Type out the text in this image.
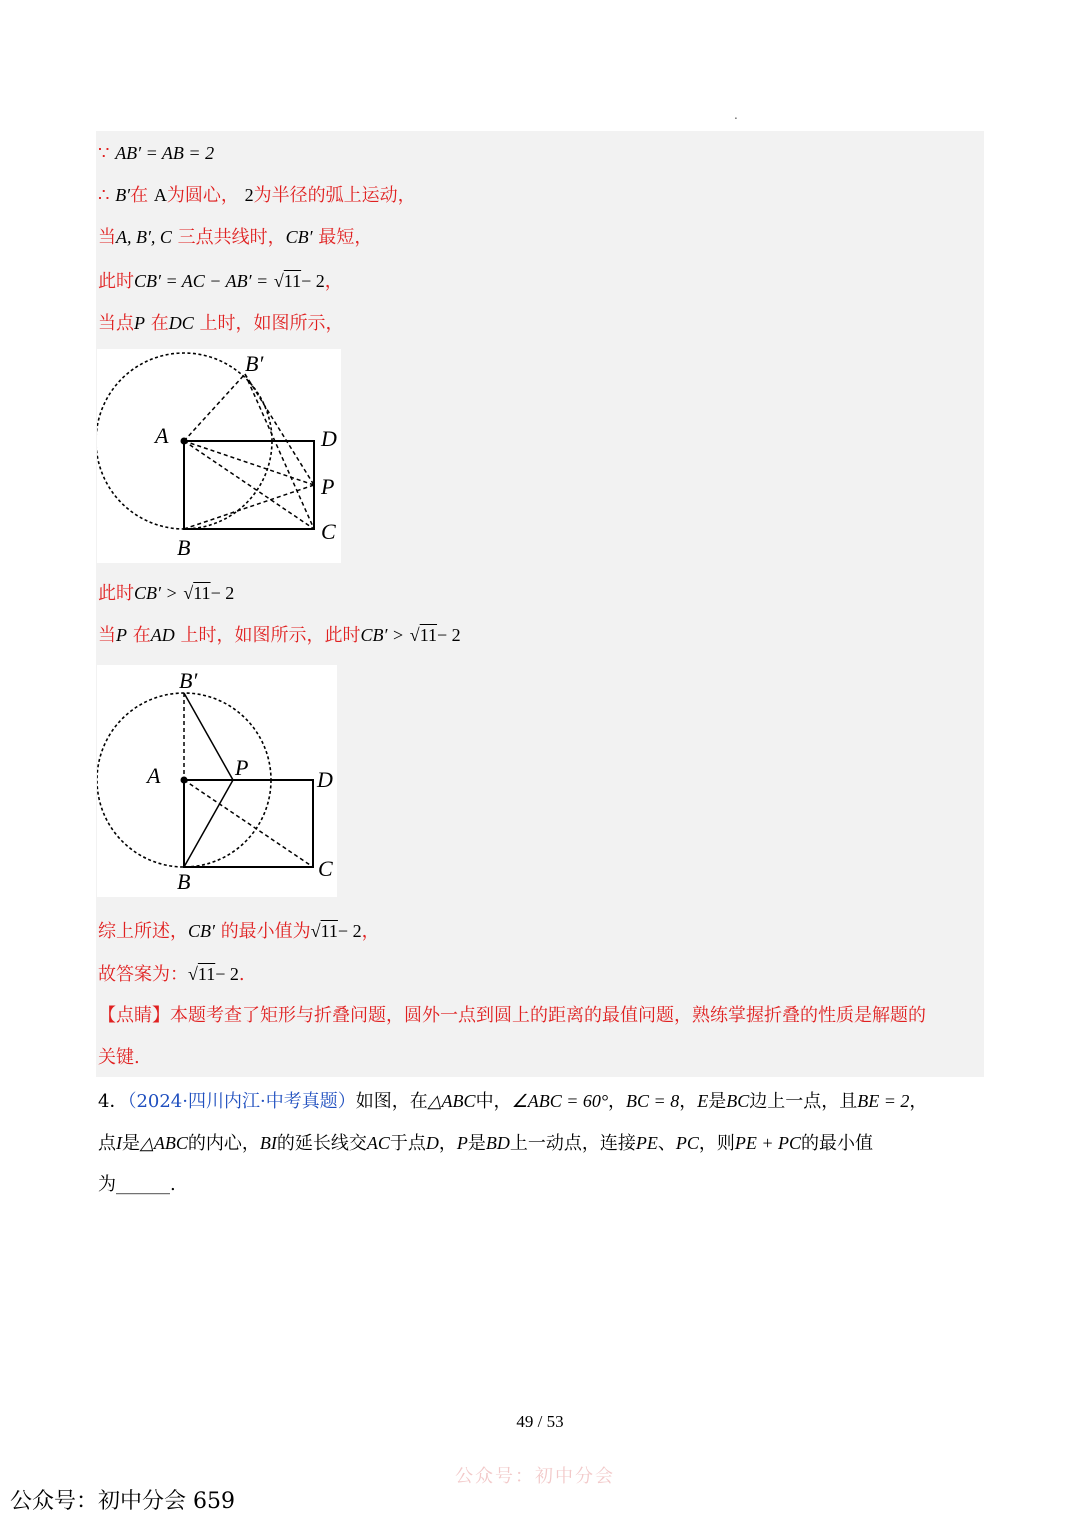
.
∵ AB′ = AB = 2
∴ B′在 A为圆心， 2为半径的弧上运动，
当A, B′, C 三点共线时，CB′ 最短，
此时CB′ = AC − AB′ = √11− 2，
当点P 在DC 上时，如图所示，
B′
A	D
P
B
C
此时CB′ > √11− 2
当P 在AD 上时，如图所示，此时CB′ > √11− 2
B′
A	P	D
B
C
综上所述，CB′ 的最小值为√11− 2，
故答案为：√11− 2.
【点睛】本题考查了矩形与折叠问题，圆外一点到圆上的距离的最值问题，熟练掌握折叠的性质是解题的
关键.
4．（2024·四川内江·中考真题）如图，在△ABC中，∠ABC = 60°，BC = 8，E是BC边上一点，且BE = 2，
点I是△ABC的内心，BI的延长线交AC于点D，P是BD上一动点，连接PE、PC，则PE + PC的最小值
为______.
49 / 53
公众号：初中分会
公众号：初中分会 659
